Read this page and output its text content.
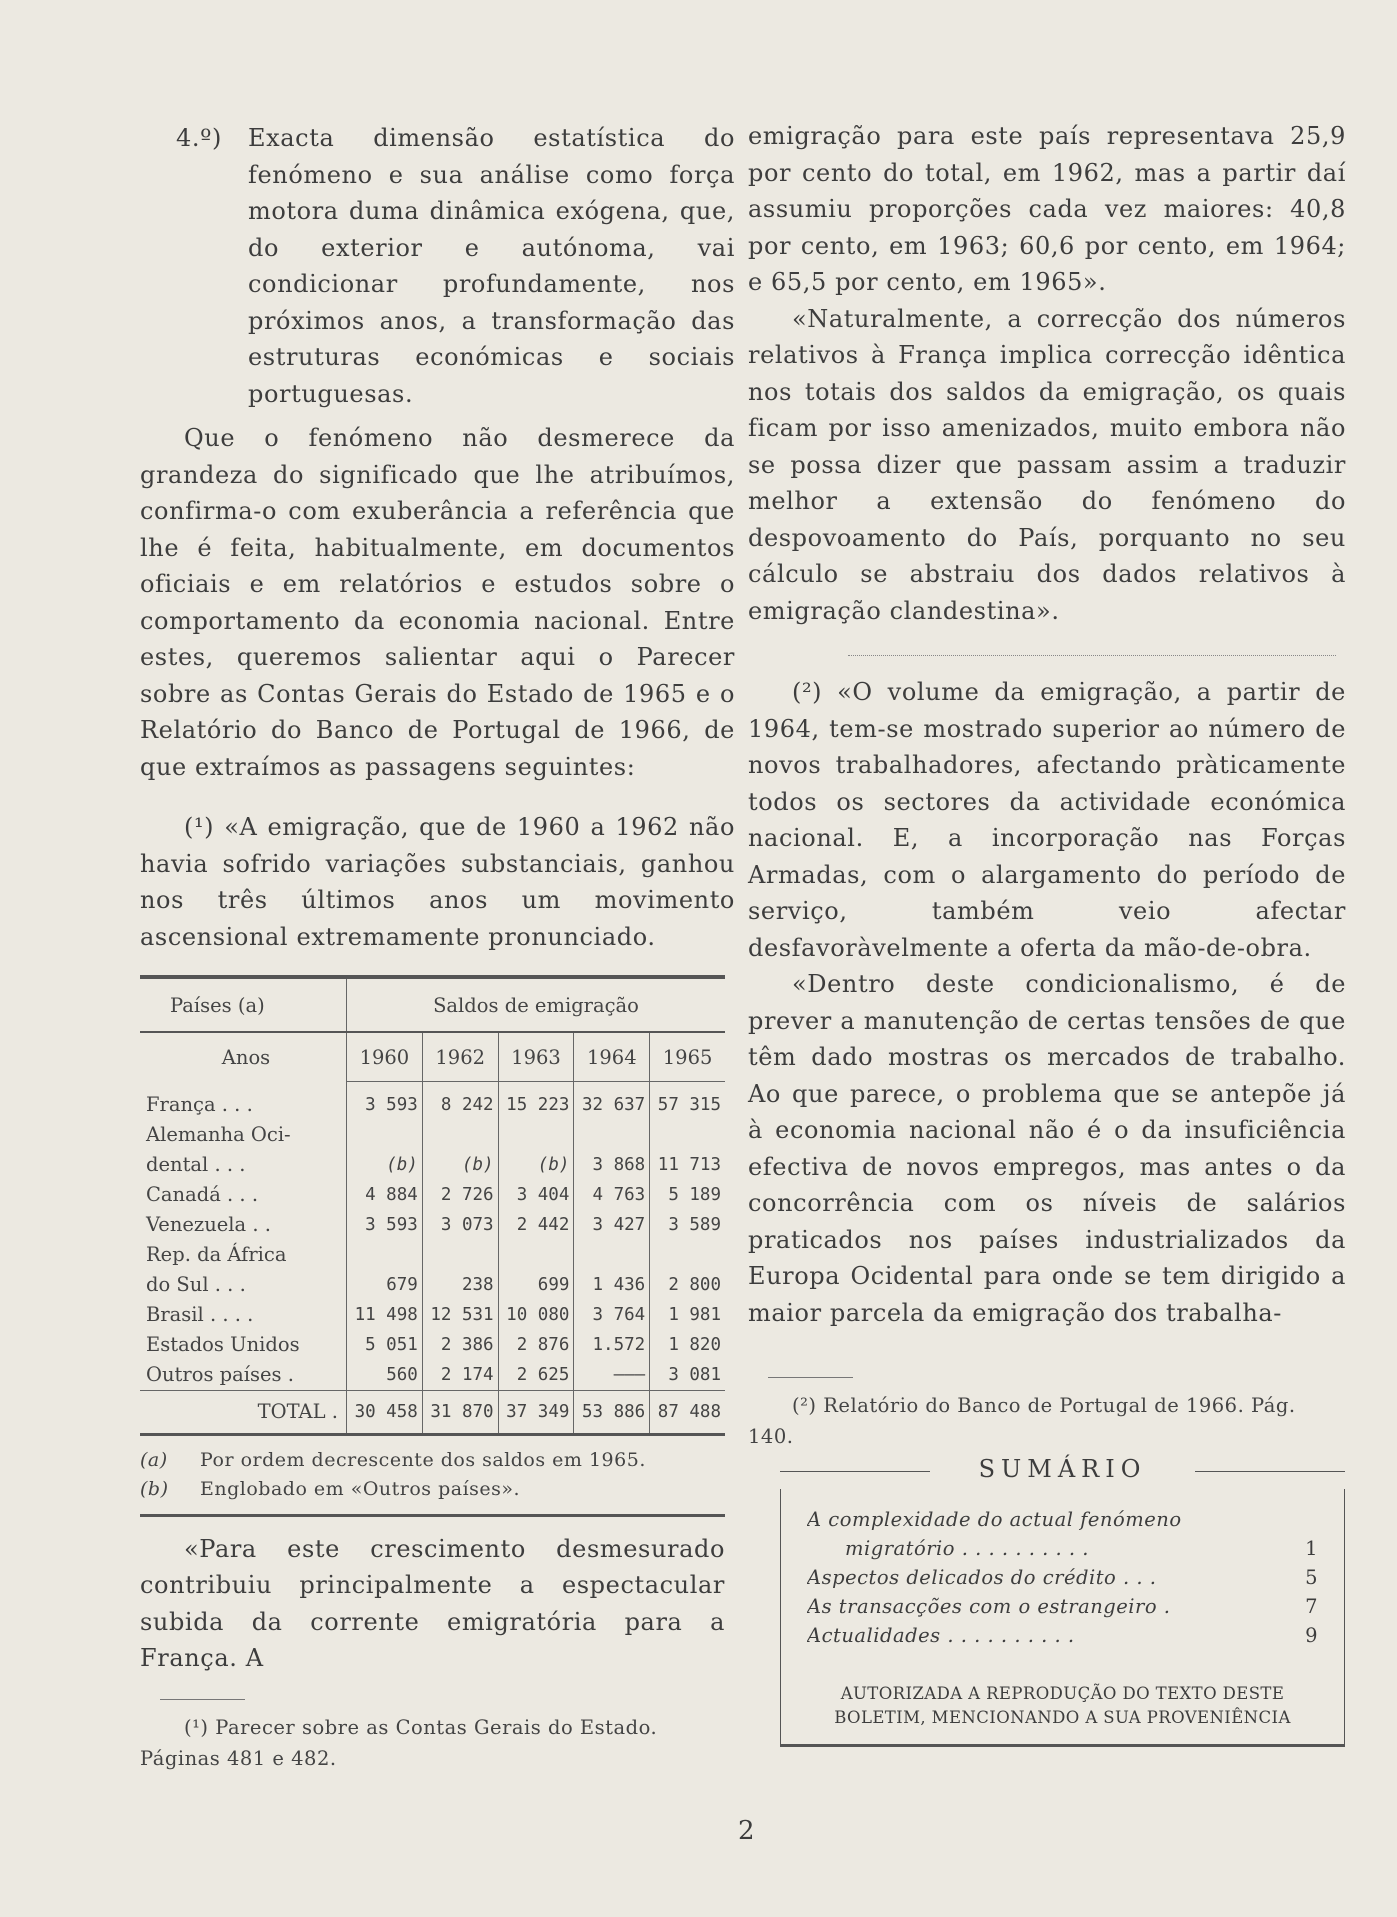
4.º) Exacta dimensão estatística do fenómeno e sua análise como força motora duma dinâmica exógena, que, do exterior e autónoma, vai condicionar profundamente, nos próximos anos, a transformação das estruturas económicas e sociais portuguesas.

Que o fenómeno não desmerece da grandeza do significado que lhe atribuímos, confirma-o com exuberância a referência que lhe é feita, habitualmente, em documentos oficiais e em relatórios e estudos sobre o comportamento da economia nacional. Entre estes, queremos salientar aqui o Parecer sobre as Contas Gerais do Estado de 1965 e o Relatório do Banco de Portugal de 1966, de que extraímos as passagens seguintes:

(¹) «A emigração, que de 1960 a 1962 não havia sofrido variações substanciais, ganhou nos três últimos anos um movimento ascensional extremamente pronunciado.

Países (a)	Saldos de emigração				
Anos	1960	1962	1963	1964	1965

França . . .	3 593	8 242	15 223	32 637	57 315
Alemanha Oci-					
dental . . .	(b)	(b)	(b)	3 868	11 713
Canadá . . .	4 884	2 726	3 404	4 763	5 189
Venezuela . .	3 593	3 073	2 442	3 427	3 589
Rep. da África					
do Sul . . .	679	238	699	1 436	2 800
Brasil . . . .	11 498	12 531	10 080	3 764	1 981
Estados Unidos	5 051	2 386	2 876	1.572	1 820
Outros países .	560	2 174	2 625	———	3 081
TOTAL .	30 458	31 870	37 349	53 886	87 488
(a)	Por ordem decrescente dos saldos em 1965.
(b)	Englobado em «Outros países».

«Para este crescimento desmesurado contribuiu principalmente a espectacular subida da corrente emigratória para a França. A

(¹) Parecer sobre as Contas Gerais do Estado. Páginas 481 e 482.

emigração para este país representava 25,9 por cento do total, em 1962, mas a partir daí assumiu proporções cada vez maiores: 40,8 por cento, em 1963; 60,6 por cento, em 1964; e 65,5 por cento, em 1965».

«Naturalmente, a correcção dos números relativos à França implica correcção idêntica nos totais dos saldos da emigração, os quais ficam por isso amenizados, muito embora não se possa dizer que passam assim a traduzir melhor a extensão do fenómeno do despovoamento do País, porquanto no seu cálculo se abstraiu dos dados relativos à emigração clandestina».

(²) «O volume da emigração, a partir de 1964, tem-se mostrado superior ao número de novos trabalhadores, afectando pràticamente todos os sectores da actividade económica nacional. E, a incorporação nas Forças Armadas, com o alargamento do período de serviço, também veio afectar desfavoràvelmente a oferta da mão-de-obra.

«Dentro deste condicionalismo, é de prever a manutenção de certas tensões de que têm dado mostras os mercados de trabalho. Ao que parece, o problema que se antepõe já à economia nacional não é o da insuficiência efectiva de novos empregos, mas antes o da concorrência com os níveis de salários praticados nos países industrializados da Europa Ocidental para onde se tem dirigido a maior parcela da emigração dos trabalha-

(²) Relatório do Banco de Portugal de 1966. Pág. 140.

SUMÁRIO
A complexidade do actual fenómeno
migratório . . . . . . . . . .	1
Aspectos delicados do crédito . . .	5
As transacções com o estrangeiro .	7
Actualidades . . . . . . . . . .	9

AUTORIZADA A REPRODUÇÃO DO TEXTO DESTE BOLETIM, MENCIONANDO A SUA PROVENIÊNCIA

2
